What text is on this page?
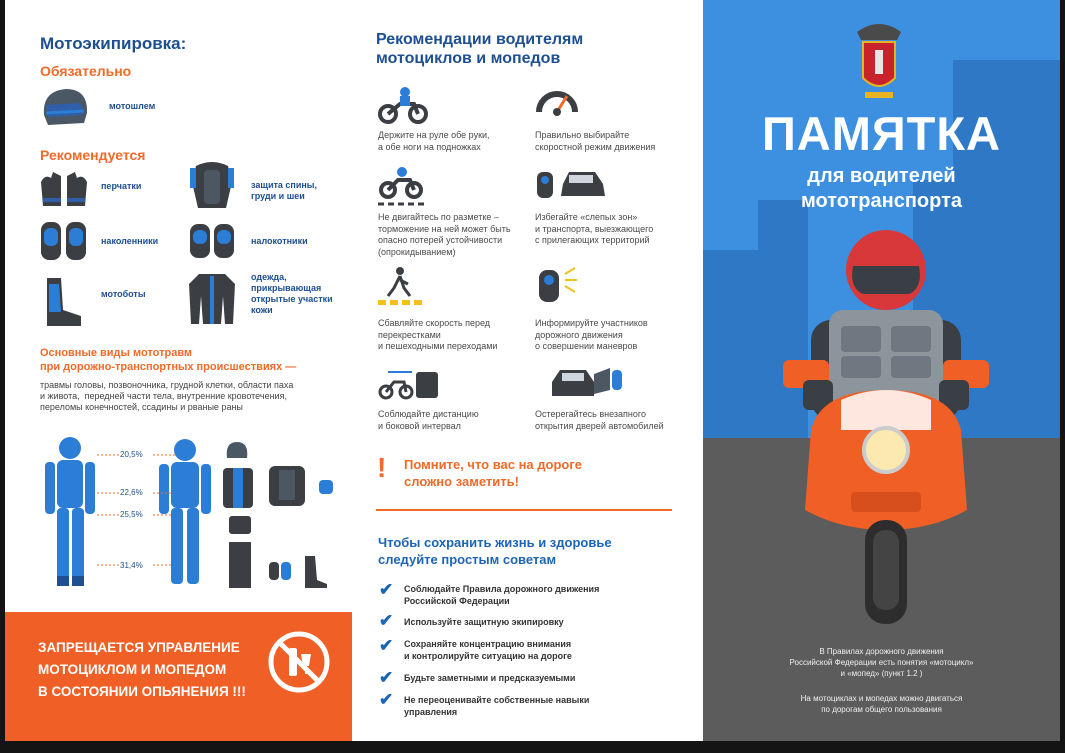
Мотоэкипировка:
Обязательно
мотошлем
Рекомендуется
перчатки
наколенники
мотоботы
защита спины,
груди и шеи
налокотники
одежда,
прикрывающая
открытые участки
кожи
Основные виды мототравм
при дорожно-транспортных происшествиях —
травмы головы, позвоночника, грудной клетки, области паха
и живота,  передней части тела, внутренние кровотечения,
переломы конечностей, ссадины и рваные раны
20,5%
22,6%
25,5%
31,4%
ЗАПРЕЩАЕТСЯ УПРАВЛЕНИЕ
МОТОЦИКЛОМ И МОПЕДОМ
В СОСТОЯНИИ ОПЬЯНЕНИЯ !!!
Рекомендации водителям
мотоциклов и мопедов
Держите на руле обе руки,
а обе ноги на подножках
Правильно выбирайте
скоростной режим движения
Не двигайтесь по разметке –
торможение на ней может быть
опасно потерей устойчивости
(опрокидыванием)
Избегайте «слепых зон»
и транспорта, выезжающего
с прилегающих территорий
Сбавляйте скорость перед
перекрестками
и пешеходными переходами
Информируйте участников
дорожного движения
о совершении маневров
Соблюдайте дистанцию
и боковой интервал
Остерегайтесь внезапного
открытия дверей автомобилей
! Помните, что вас на дороге
сложно заметить!
Чтобы сохранить жизнь и здоровье
следуйте простым советам
✔ Соблюдайте Правила дорожного движения
Российской Федерации
✔ Используйте защитную экипировку
✔ Сохраняйте концентрацию внимания
и контролируйте ситуацию на дороге
✔ Будьте заметными и предсказуемыми
✔ Не переоценивайте собственные навыки
управления
ПАМЯТКА
для водителей
мототранспорта
В Правилах дорожного движения
Российской Федерации есть понятия «мотоцикл»
и «мопед» (пункт 1.2 )
На мотоциклах и мопедах можно двигаться
по дорогам общего пользования
